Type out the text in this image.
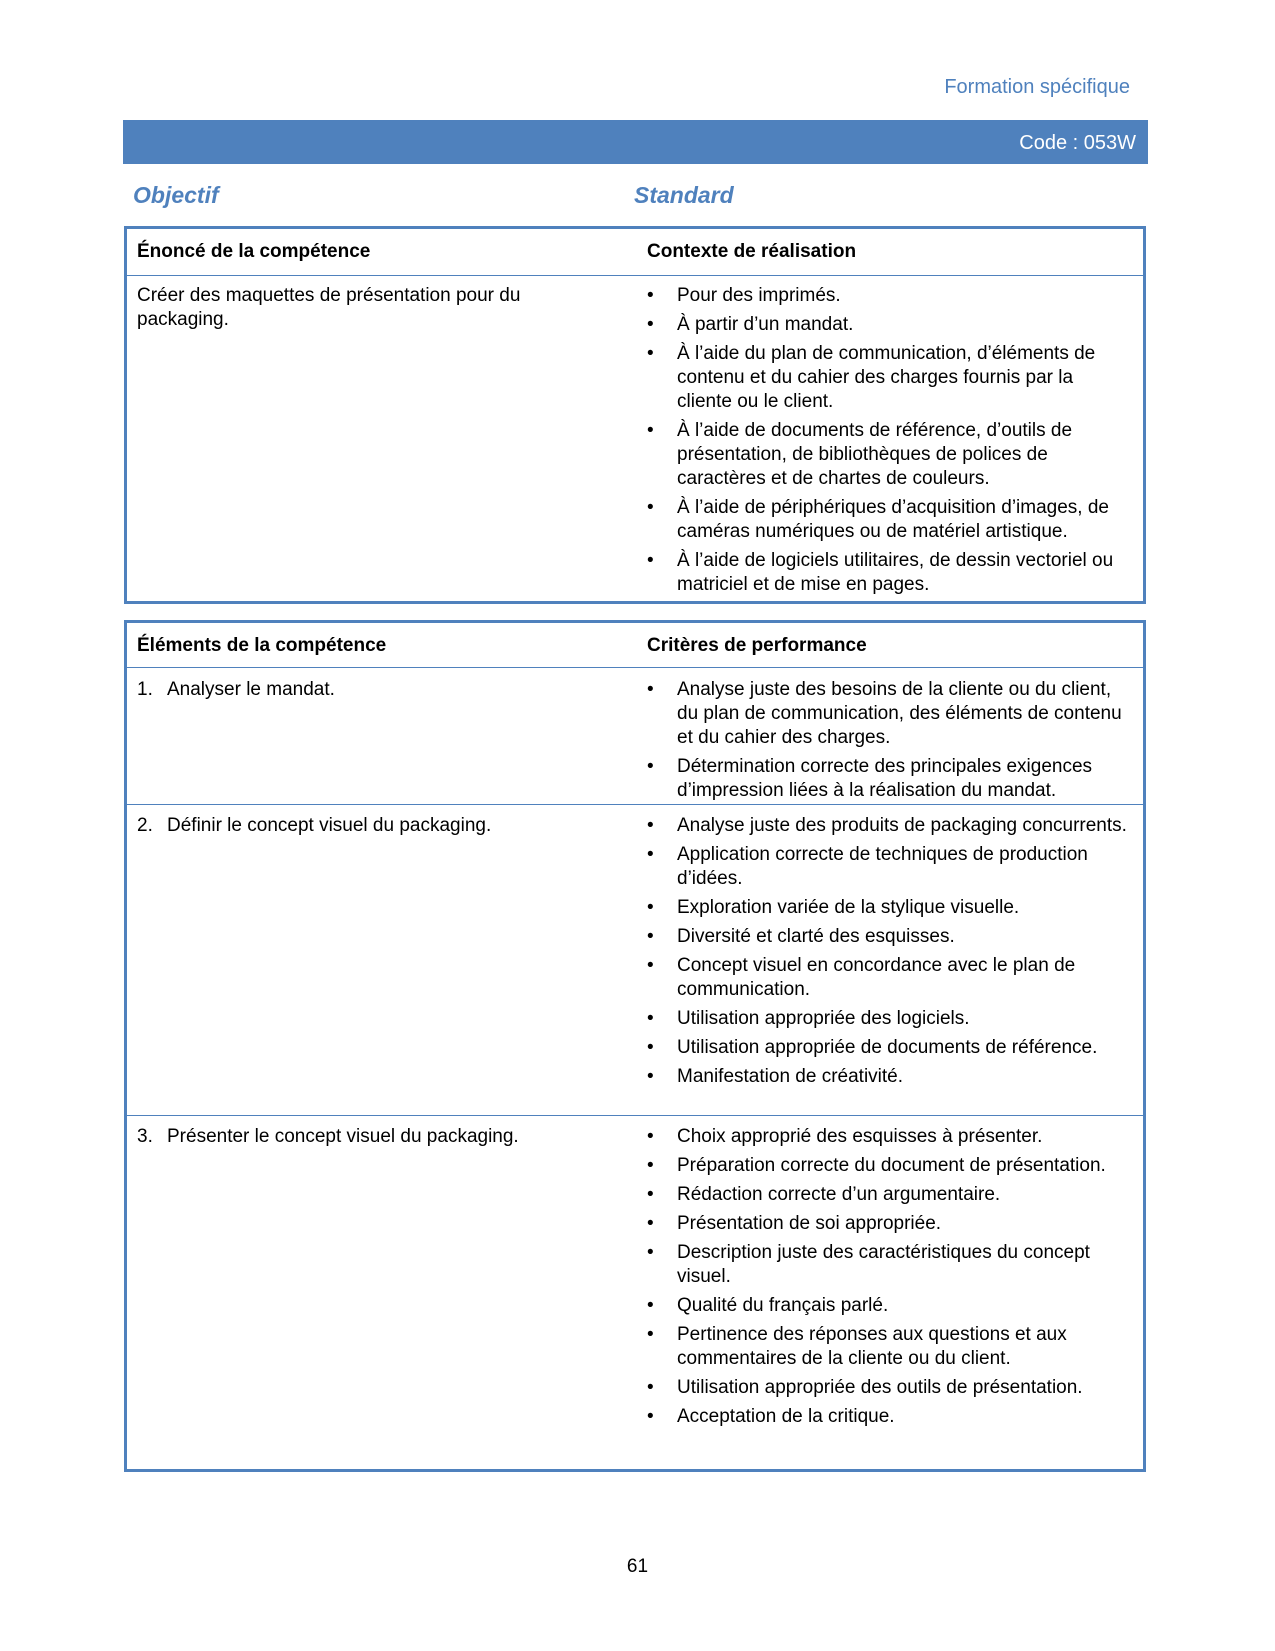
Formation spécifique
Code : 053W
Objectif	Standard
Énoncé de la compétence	Contexte de réalisation
Créer des maquettes de présentation pour du packaging.
• Pour des imprimés.
• À partir d’un mandat.
• À l’aide du plan de communication, d’éléments de contenu et du cahier des charges fournis par la cliente ou le client.
• À l’aide de documents de référence, d’outils de présentation, de bibliothèques de polices de caractères et de chartes de couleurs.
• À l’aide de périphériques d’acquisition d’images, de caméras numériques ou de matériel artistique.
• À l’aide de logiciels utilitaires, de dessin vectoriel ou matriciel et de mise en pages.
Éléments de la compétence	Critères de performance
1. Analyser le mandat.	• Analyse juste des besoins de la cliente ou du client, du plan de communication, des éléments de contenu et du cahier des charges.
• Détermination correcte des principales exigences d’impression liées à la réalisation du mandat.
2. Définir le concept visuel du packaging.	• Analyse juste des produits de packaging concurrents.
• Application correcte de techniques de production d’idées.
• Exploration variée de la stylique visuelle.
• Diversité et clarté des esquisses.
• Concept visuel en concordance avec le plan de communication.
• Utilisation appropriée des logiciels.
• Utilisation appropriée de documents de référence.
• Manifestation de créativité.
3. Présenter le concept visuel du packaging.	• Choix approprié des esquisses à présenter.
• Préparation correcte du document de présentation.
• Rédaction correcte d’un argumentaire.
• Présentation de soi appropriée.
• Description juste des caractéristiques du concept visuel.
• Qualité du français parlé.
• Pertinence des réponses aux questions et aux commentaires de la cliente ou du client.
• Utilisation appropriée des outils de présentation.
• Acceptation de la critique.
61
